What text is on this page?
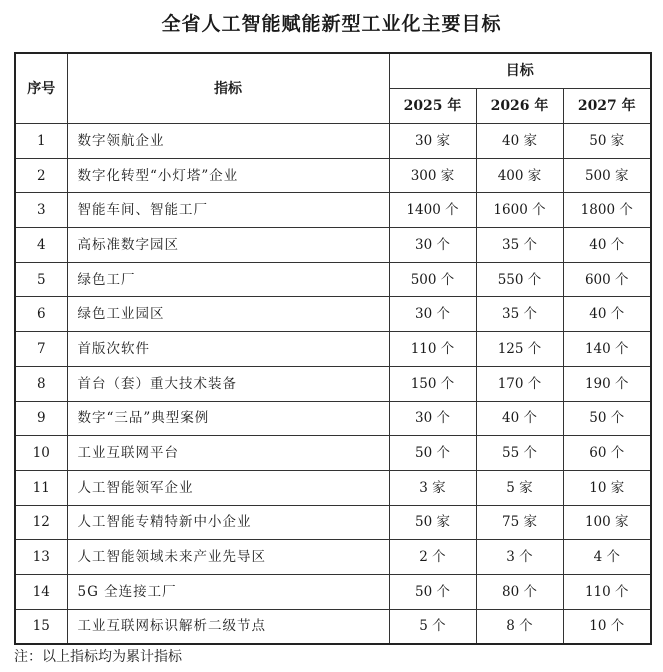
全省人工智能赋能新型工业化主要目标
序号	指标	目标		
		2025 年	2026 年	2027 年
1	数字领航企业	30 家	40 家	50 家
2	数字化转型“小灯塔”企业	300 家	400 家	500 家
3	智能车间、智能工厂	1400 个	1600 个	1800 个
4	高标准数字园区	30 个	35 个	40 个
5	绿色工厂	500 个	550 个	600 个
6	绿色工业园区	30 个	35 个	40 个
7	首版次软件	110 个	125 个	140 个
8	首台（套）重大技术装备	150 个	170 个	190 个
9	数字“三品”典型案例	30 个	40 个	50 个
10	工业互联网平台	50 个	55 个	60 个
11	人工智能领军企业	3 家	5 家	10 家
12	人工智能专精特新中小企业	50 家	75 家	100 家
13	人工智能领域未来产业先导区	2 个	3 个	4 个
14	5G 全连接工厂	50 个	80 个	110 个
15	工业互联网标识解析二级节点	5 个	8 个	10 个
注：以上指标均为累计指标
